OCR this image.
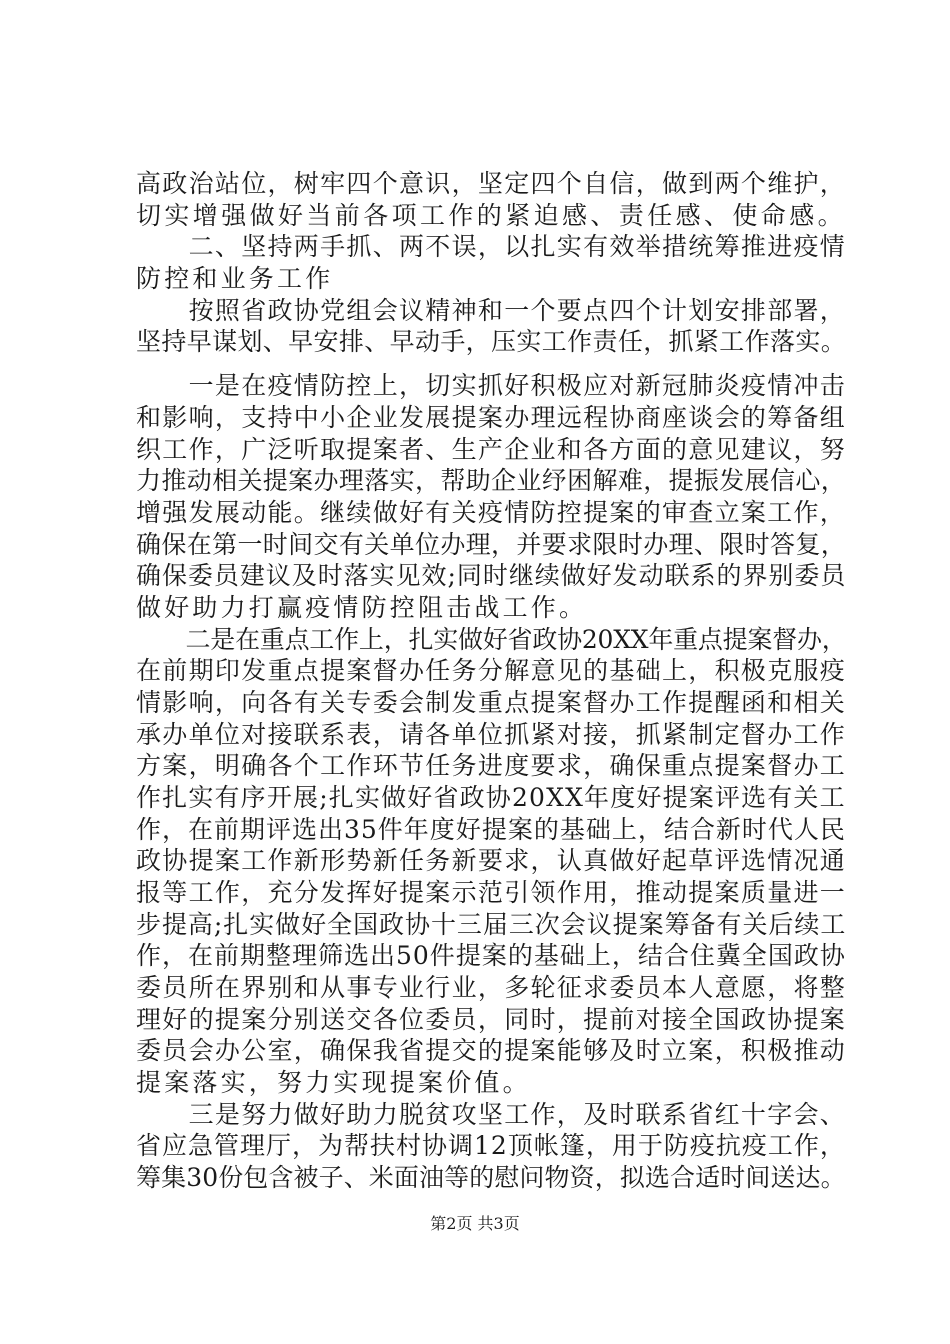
高政治站位，树牢四个意识，坚定四个自信，做到两个维护，

切实增强做好当前各项工作的紧迫感、责任感、使命感。

　　二、坚持两手抓、两不误，以扎实有效举措统筹推进疫情

防控和业务工作

　　按照省政协党组会议精神和一个要点四个计划安排部署，

坚持早谋划、早安排、早动手，压实工作责任，抓紧工作落实。

　　一是在疫情防控上，切实抓好积极应对新冠肺炎疫情冲击

和影响，支持中小企业发展提案办理远程协商座谈会的筹备组

织工作，广泛听取提案者、生产企业和各方面的意见建议，努

力推动相关提案办理落实，帮助企业纾困解难，提振发展信心，

增强发展动能。继续做好有关疫情防控提案的审查立案工作，

确保在第一时间交有关单位办理，并要求限时办理、限时答复，

确保委员建议及时落实见效;同时继续做好发动联系的界别委员

做好助力打赢疫情防控阻击战工作。

　　二是在重点工作上，扎实做好省政协20XX年重点提案督办，

在前期印发重点提案督办任务分解意见的基础上，积极克服疫

情影响，向各有关专委会制发重点提案督办工作提醒函和相关

承办单位对接联系表，请各单位抓紧对接，抓紧制定督办工作

方案，明确各个工作环节任务进度要求，确保重点提案督办工

作扎实有序开展;扎实做好省政协20XX年度好提案评选有关工

作，在前期评选出35件年度好提案的基础上，结合新时代人民

政协提案工作新形势新任务新要求，认真做好起草评选情况通

报等工作，充分发挥好提案示范引领作用，推动提案质量进一

步提高;扎实做好全国政协十三届三次会议提案筹备有关后续工

作，在前期整理筛选出50件提案的基础上，结合住冀全国政协

委员所在界别和从事专业行业，多轮征求委员本人意愿，将整

理好的提案分别送交各位委员，同时，提前对接全国政协提案

委员会办公室，确保我省提交的提案能够及时立案，积极推动

提案落实，努力实现提案价值。

　　三是努力做好助力脱贫攻坚工作，及时联系省红十字会、

省应急管理厅，为帮扶村协调12顶帐篷，用于防疫抗疫工作，

筹集30份包含被子、米面油等的慰问物资，拟选合适时间送达。

第2页 共3页
